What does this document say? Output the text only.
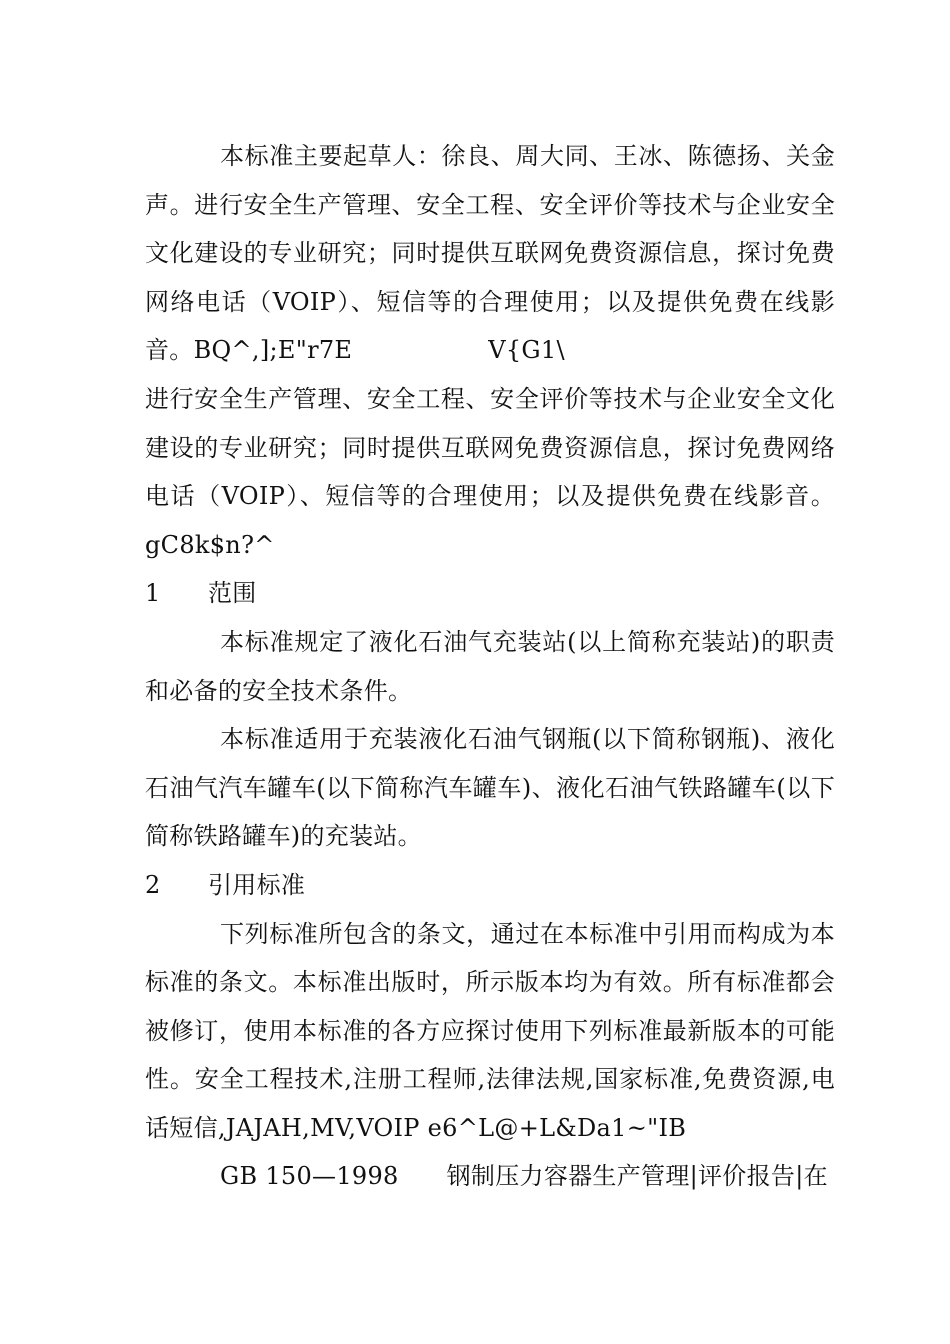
本标准主要起草人：徐良、周大同、王冰、陈德扬、关金声。进行安全生产管理、安全工程、安全评价等技术与企业安全文化建设的专业研究；同时提供互联网免费资源信息，探讨免费网络电话（VOIP）、短信等的合理使用；以及提供免费在线影音。BQ^,];E"r7E	V{G1\

进行安全生产管理、安全工程、安全评价等技术与企业安全文化建设的专业研究；同时提供互联网免费资源信息，探讨免费网络电话（VOIP）、短信等的合理使用；以及提供免费在线影音。gC8k$n?^

1	范围

本标准规定了液化石油气充装站(以上简称充装站)的职责和必备的安全技术条件。

本标准适用于充装液化石油气钢瓶(以下简称钢瓶)、液化石油气汽车罐车(以下简称汽车罐车)、液化石油气铁路罐车(以下简称铁路罐车)的充装站。

2	引用标准

下列标准所包含的条文，通过在本标准中引用而构成为本标准的条文。本标准出版时，所示版本均为有效。所有标准都会被修订，使用本标准的各方应探讨使用下列标准最新版本的可能性。安全工程技术,注册工程师,法律法规,国家标准,免费资源,电话短信,JAJAH,MV,VOIP e6^L@+L&Da1~"IB

GB 150—1998 钢制压力容器生产管理|评价报告|在
